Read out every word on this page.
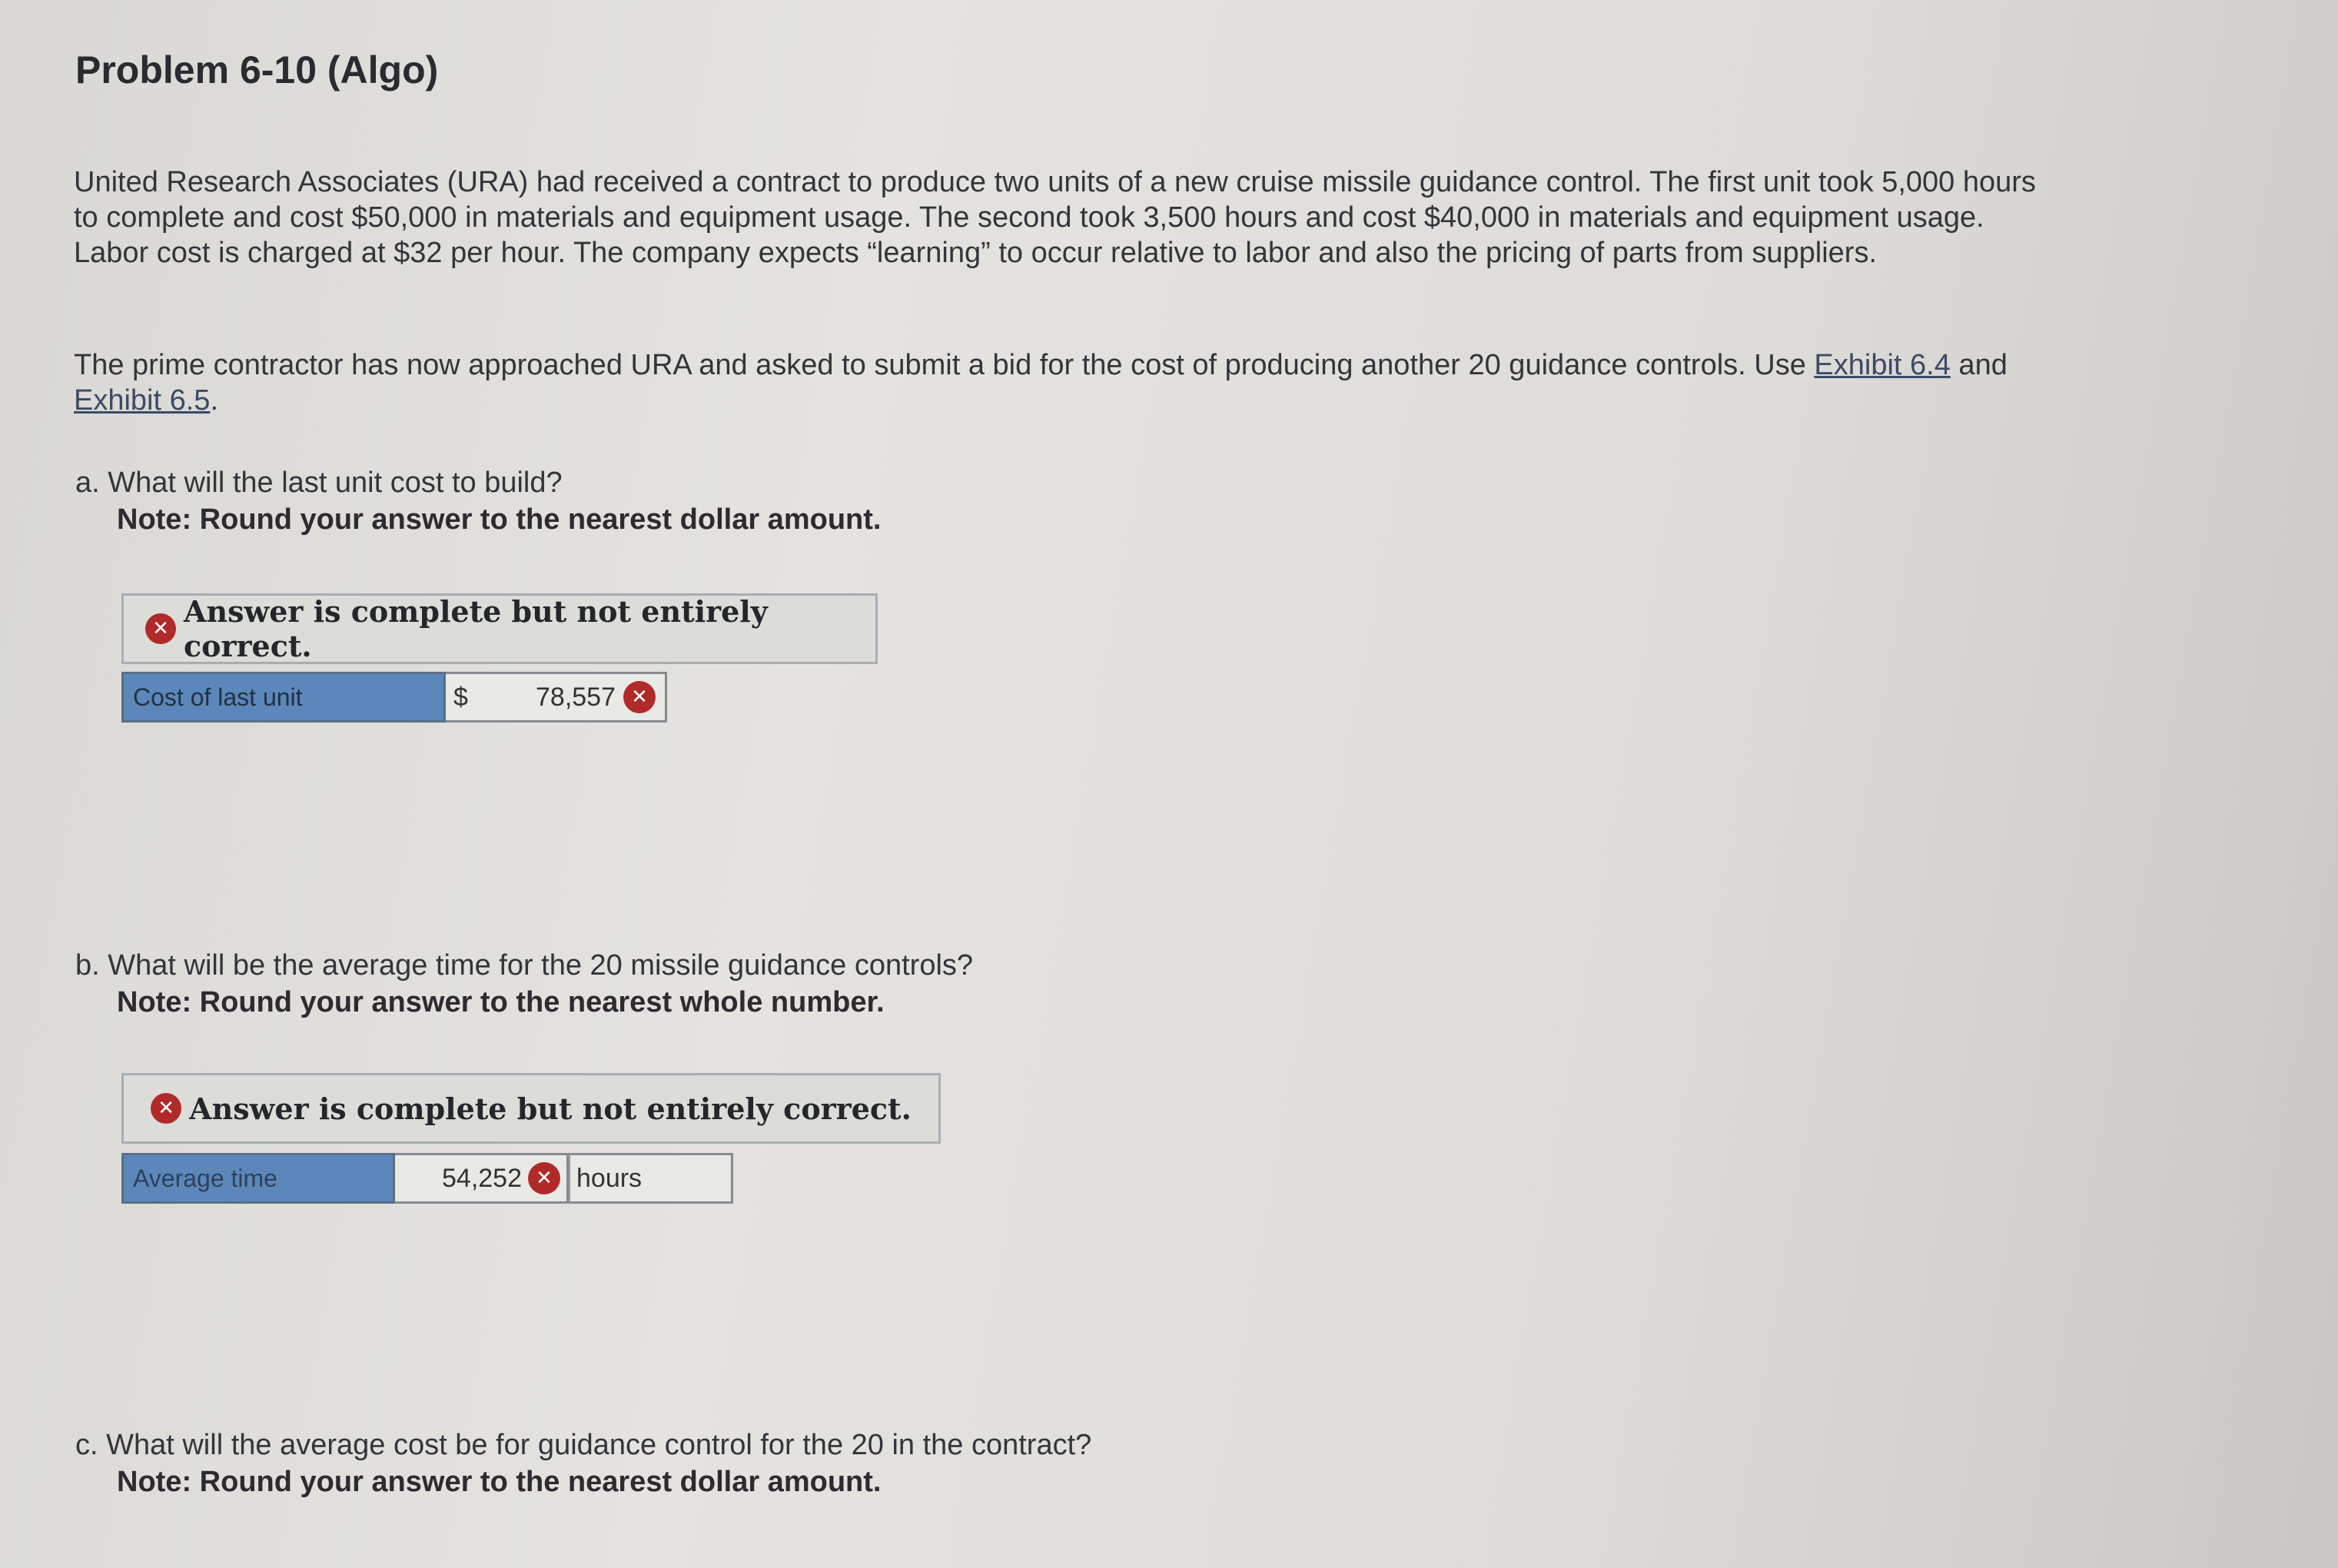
Problem 6-10 (Algo)
United Research Associates (URA) had received a contract to produce two units of a new cruise missile guidance control. The first unit took 5,000 hours to complete and cost $50,000 in materials and equipment usage. The second took 3,500 hours and cost $40,000 in materials and equipment usage. Labor cost is charged at $32 per hour. The company expects “learning” to occur relative to labor and also the pricing of parts from suppliers.
The prime contractor has now approached URA and asked to submit a bid for the cost of producing another 20 guidance controls. Use Exhibit 6.4 and Exhibit 6.5.
a. What will the last unit cost to build?
Note: Round your answer to the nearest dollar amount.
✕ Answer is complete but not entirely correct.
Cost of last unit	$	78,557 ✕
b. What will be the average time for the 20 missile guidance controls?
Note: Round your answer to the nearest whole number.
✕ Answer is complete but not entirely correct.
Average time	54,252 ✕ hours
c. What will the average cost be for guidance control for the 20 in the contract?
Note: Round your answer to the nearest dollar amount.
